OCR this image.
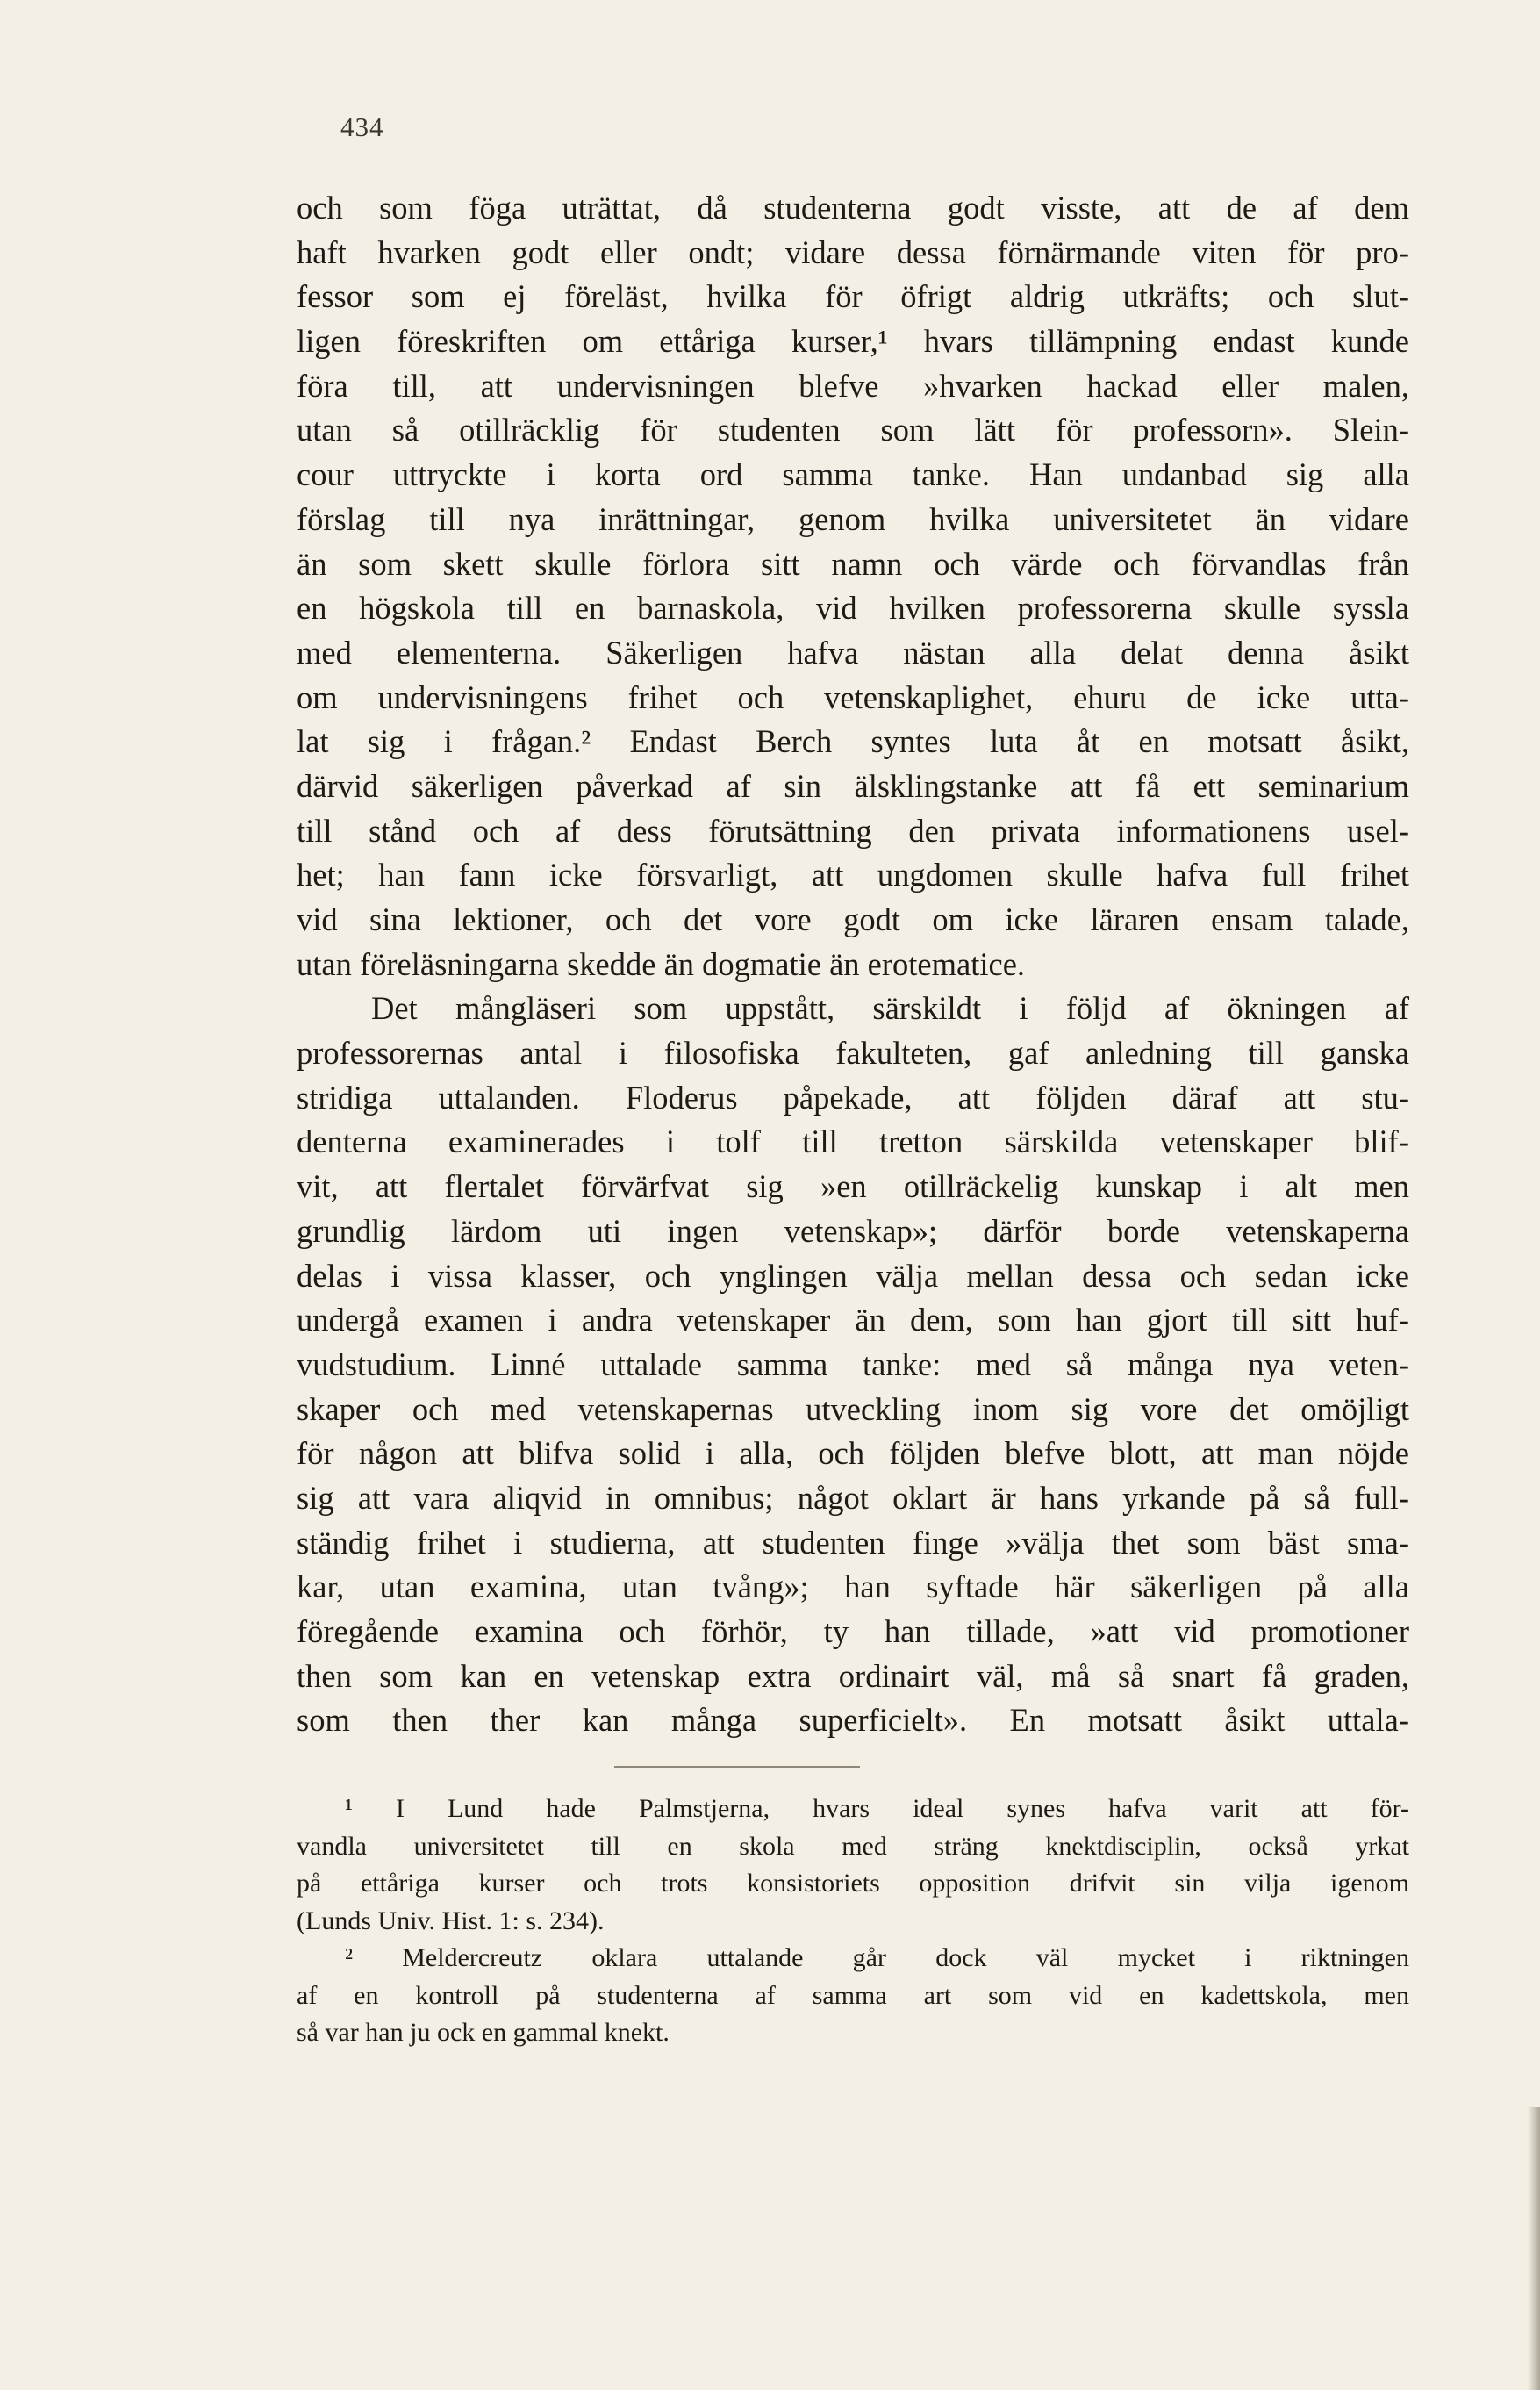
434
och som föga uträttat, då studenterna godt visste, att de af dem
haft hvarken godt eller ondt; vidare dessa förnärmande viten för pro-
fessor som ej föreläst, hvilka för öfrigt aldrig utkräfts; och slut-
ligen föreskriften om ettåriga kurser,¹ hvars tillämpning endast kunde
föra till, att undervisningen blefve »hvarken hackad eller malen,
utan så otillräcklig för studenten som lätt för professorn». Slein-
cour uttryckte i korta ord samma tanke. Han undanbad sig alla
förslag till nya inrättningar, genom hvilka universitetet än vidare
än som skett skulle förlora sitt namn och värde och förvandlas från
en högskola till en barnaskola, vid hvilken professorerna skulle syssla
med elementerna. Säkerligen hafva nästan alla delat denna åsikt
om undervisningens frihet och vetenskaplighet, ehuru de icke utta-
lat sig i frågan.² Endast Berch syntes luta åt en motsatt åsikt,
därvid säkerligen påverkad af sin älsklingstanke att få ett seminarium
till stånd och af dess förutsättning den privata informationens usel-
het; han fann icke försvarligt, att ungdomen skulle hafva full frihet
vid sina lektioner, och det vore godt om icke läraren ensam talade,
utan föreläsningarna skedde än dogmatie än erotematice.
Det mångläseri som uppstått, särskildt i följd af ökningen af
professorernas antal i filosofiska fakulteten, gaf anledning till ganska
stridiga uttalanden. Floderus påpekade, att följden däraf att stu-
denterna examinerades i tolf till tretton särskilda vetenskaper blif-
vit, att flertalet förvärfvat sig »en otillräckelig kunskap i alt men
grundlig lärdom uti ingen vetenskap»; därför borde vetenskaperna
delas i vissa klasser, och ynglingen välja mellan dessa och sedan icke
undergå examen i andra vetenskaper än dem, som han gjort till sitt huf-
vudstudium. Linné uttalade samma tanke: med så många nya veten-
skaper och med vetenskapernas utveckling inom sig vore det omöjligt
för någon att blifva solid i alla, och följden blefve blott, att man nöjde
sig att vara aliqvid in omnibus; något oklart är hans yrkande på så full-
ständig frihet i studierna, att studenten finge »välja thet som bäst sma-
kar, utan examina, utan tvång»; han syftade här säkerligen på alla
föregående examina och förhör, ty han tillade, »att vid promotioner
then som kan en vetenskap extra ordinairt väl, må så snart få graden,
som then ther kan många superficielt». En motsatt åsikt uttala-
¹ I Lund hade Palmstjerna, hvars ideal synes hafva varit att för-
vandla universitetet till en skola med sträng knektdisciplin, också yrkat
på ettåriga kurser och trots konsistoriets opposition drifvit sin vilja igenom
(Lunds Univ. Hist. 1: s. 234).
² Meldercreutz oklara uttalande går dock väl mycket i riktningen
af en kontroll på studenterna af samma art som vid en kadettskola, men
så var han ju ock en gammal knekt.
